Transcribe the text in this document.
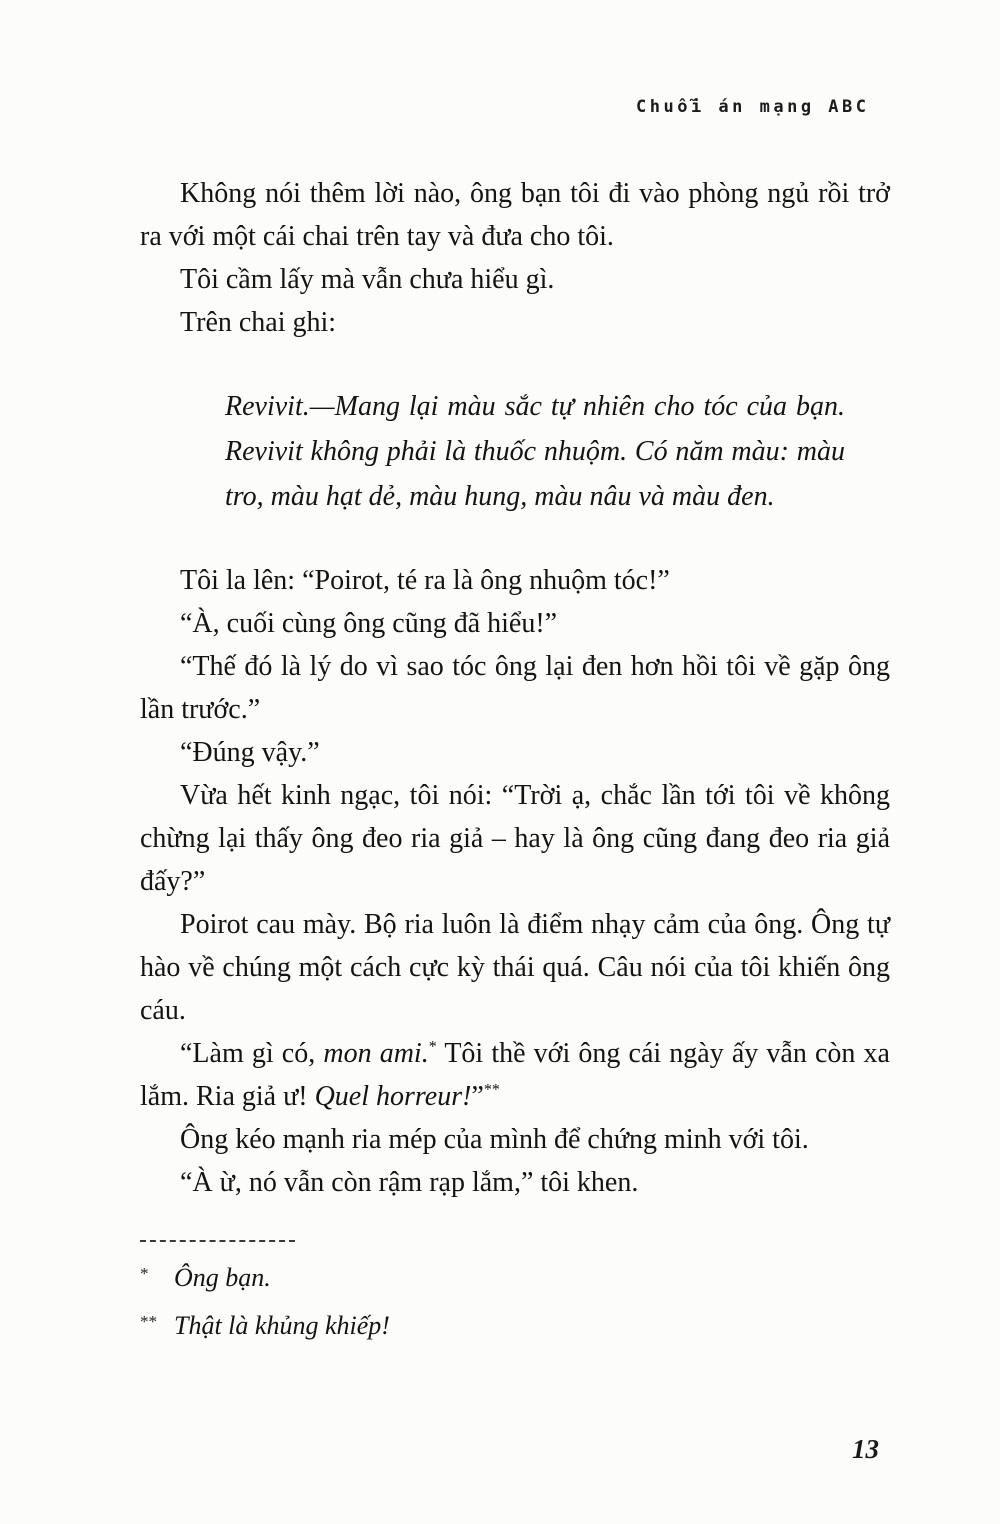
Chuỗi án mạng ABC

Không nói thêm lời nào, ông bạn tôi đi vào phòng ngủ rồi trở ra với một cái chai trên tay và đưa cho tôi.

Tôi cầm lấy mà vẫn chưa hiểu gì.

Trên chai ghi:

Revivit.—Mang lại màu sắc tự nhiên cho tóc của bạn. Revivit không phải là thuốc nhuộm. Có năm màu: màu tro, màu hạt dẻ, màu hung, màu nâu và màu đen.

Tôi la lên: “Poirot, té ra là ông nhuộm tóc!”

“À, cuối cùng ông cũng đã hiểu!”

“Thế đó là lý do vì sao tóc ông lại đen hơn hồi tôi về gặp ông lần trước.”

“Đúng vậy.”

Vừa hết kinh ngạc, tôi nói: “Trời ạ, chắc lần tới tôi về không chừng lại thấy ông đeo ria giả – hay là ông cũng đang đeo ria giả đấy?”

Poirot cau mày. Bộ ria luôn là điểm nhạy cảm của ông. Ông tự hào về chúng một cách cực kỳ thái quá. Câu nói của tôi khiến ông cáu.

“Làm gì có, mon ami.* Tôi thề với ông cái ngày ấy vẫn còn xa lắm. Ria giả ư! Quel horreur!”**

Ông kéo mạnh ria mép của mình để chứng minh với tôi.

“À ừ, nó vẫn còn rậm rạp lắm,” tôi khen.

* Ông bạn.
** Thật là khủng khiếp!
13
